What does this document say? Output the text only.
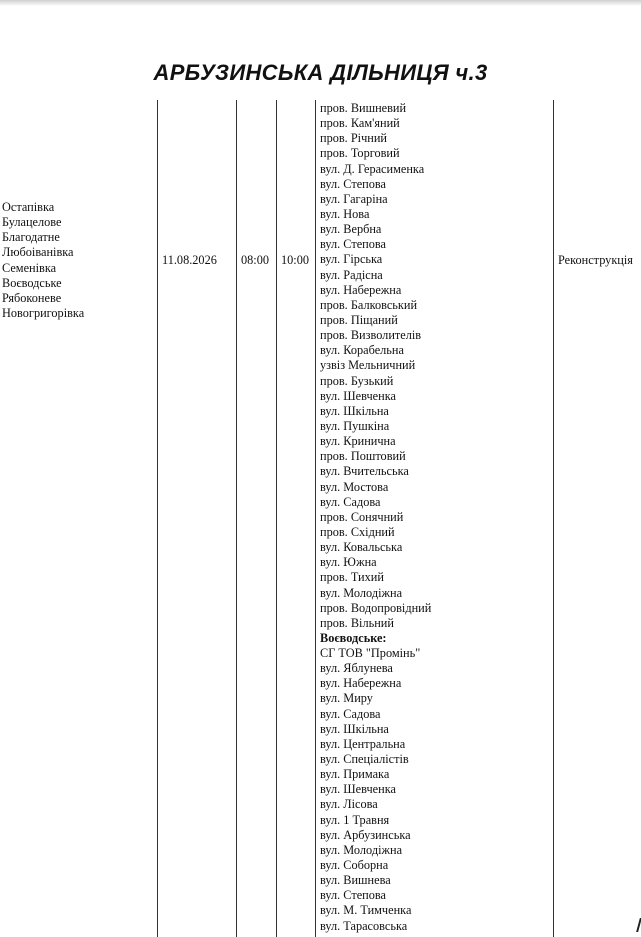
АРБУЗИНСЬКА ДІЛЬНИЦЯ ч.3
Остапівка
Булацелове
Благодатне
Любоіванівка
Семенівка
Воєводське
Рябоконеве
Новогригорівка
11.08.2026 08:00 10:00
пров. Вишневий
пров. Кам'яний
пров. Річний
пров. Торговий
вул. Д. Герасименка
вул. Степова
вул. Гагаріна
вул. Нова
вул. Вербна
вул. Степова
вул. Гірська
вул. Радісна
вул. Набережна
пров. Балковський
пров. Піщаний
пров. Визволителів
вул. Корабельна
узвіз Мельничний
пров. Бузький
вул. Шевченка
вул. Шкільна
вул. Пушкіна
вул. Кринична
пров. Поштовий
вул. Вчительська
вул. Мостова
вул. Садова
пров. Сонячний
пров. Східний
вул. Ковальська
вул. Южна
пров. Тихий
вул. Молодіжна
пров. Водопровідний
пров. Вільний
Воєводське:
СГ ТОВ "Промінь"
вул. Яблунева
вул. Набережна
вул. Миру
вул. Садова
вул. Шкільна
вул. Центральна
вул. Спеціалістів
вул. Примака
вул. Шевченка
вул. Лісова
вул. 1 Травня
вул. Арбузинська
вул. Молодіжна
вул. Соборна
вул. Вишнева
вул. Степова
вул. М. Тимченка
вул. Тарасовська
Реконструкція
